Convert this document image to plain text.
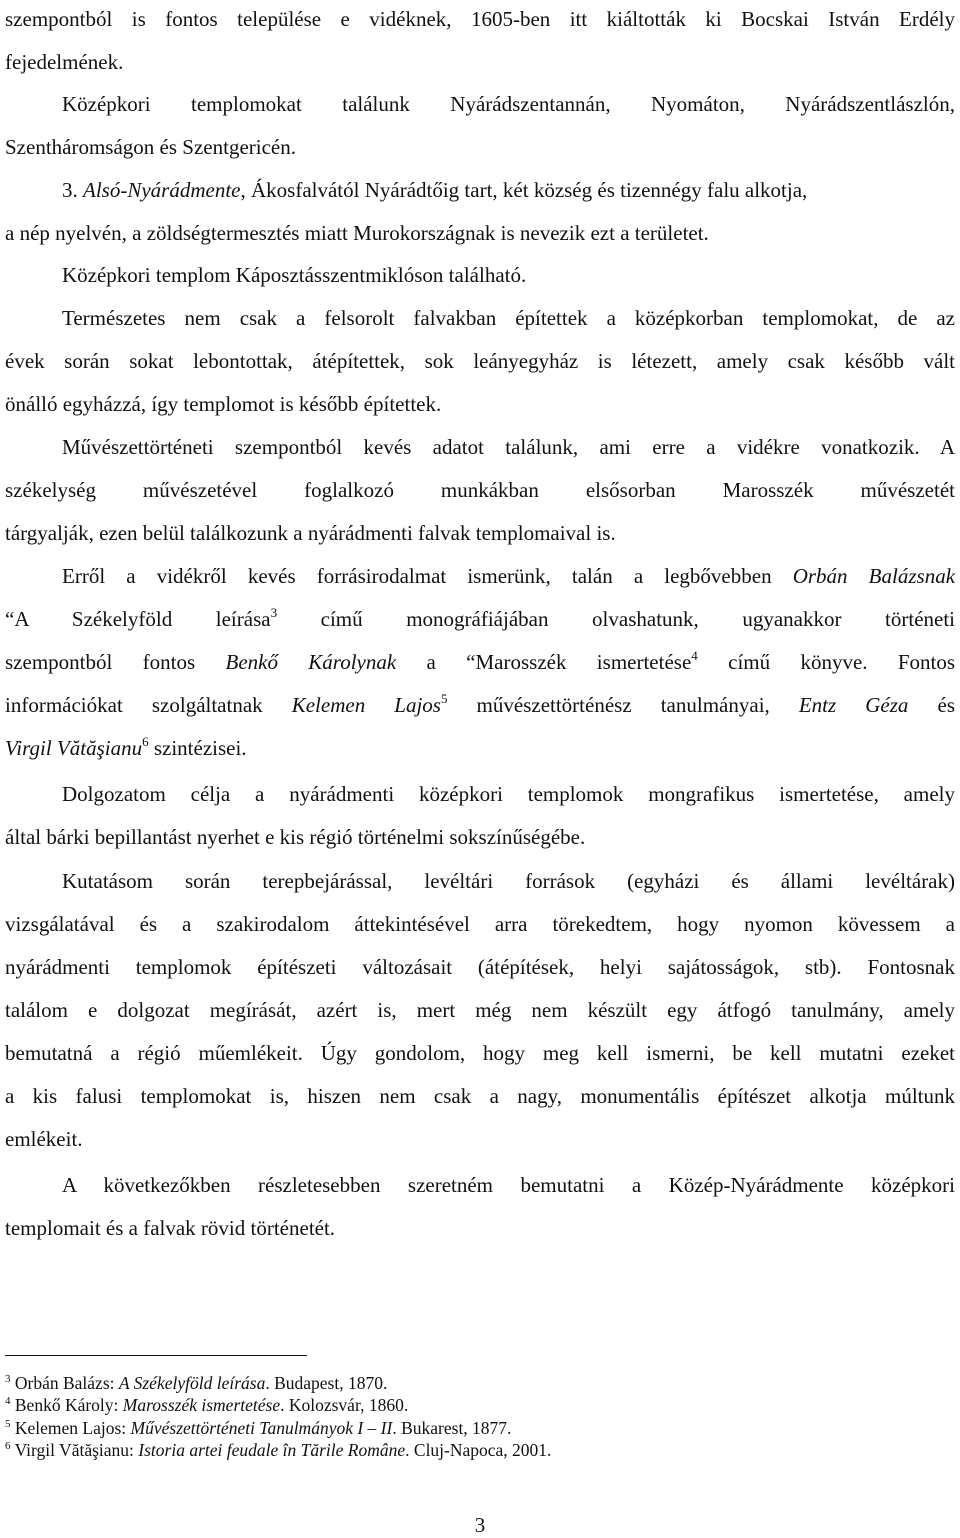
szempontból is fontos települése e vidéknek, 1605-ben itt kiáltották ki Bocskai István Erdély
fejedelmének.
Középkori templomokat találunk Nyárádszentannán, Nyomáton, Nyárádszentlászlón,
Szentháromságon és Szentgericén.
3. Alsó-Nyárádmente, Ákosfalvától Nyárádtőig tart, két község és tizennégy falu alkotja,
a nép nyelvén, a zöldségtermesztés miatt Murokországnak is nevezik ezt a területet.
Középkori templom Káposztásszentmiklóson található.
Természetes nem csak a felsorolt falvakban építettek a középkorban templomokat, de az
évek során sokat lebontottak, átépítettek, sok leányegyház is létezett, amely csak később vált
önálló egyházzá, így templomot is később építettek.
Művészettörténeti szempontból kevés adatot találunk, ami erre a vidékre vonatkozik. A
székelység művészetével foglalkozó munkákban elsősorban Marosszék művészetét
tárgyalják, ezen belül találkozunk a nyárádmenti falvak templomaival is.
Erről a vidékről kevés forrásirodalmat ismerünk, talán a legbővebben Orbán Balázsnak
“A Székelyföld leírása$^3$ című monográfiájában olvashatunk, ugyanakkor történeti
szempontból fontos Benkő Károlynak a “Marosszék ismertetése$^4$ című könyve. Fontos
információkat szolgáltatnak Kelemen Lajos$^5$ művészettörténész tanulmányai, Entz Géza és
Virgil Vătăşianu$^6$ szintézisei.
Dolgozatom célja a nyárádmenti középkori templomok mongrafikus ismertetése, amely
által bárki bepillantást nyerhet e kis régió történelmi sokszínűségébe.
Kutatásom során terepbejárással, levéltári források (egyházi és állami levéltárak)
vizsgálatával és a szakirodalom áttekintésével arra törekedtem, hogy nyomon kövessem a
nyárádmenti templomok építészeti változásait (átépítések, helyi sajátosságok, stb). Fontosnak
találom e dolgozat megírását, azért is, mert még nem készült egy átfogó tanulmány, amely
bemutatná a régió műemlékeit. Úgy gondolom, hogy meg kell ismerni, be kell mutatni ezeket
a kis falusi templomokat is, hiszen nem csak a nagy, monumentális építészet alkotja múltunk
emlékeit.
A következőkben részletesebben szeretném bemutatni a Közép-Nyárádmente középkori
templomait és a falvak rövid történetét.
$^3$ Orbán Balázs: A Székelyföld leírása. Budapest, 1870.
$^4$ Benkő Károly: Marosszék ismertetése. Kolozsvár, 1860.
$^5$ Kelemen Lajos: Művészettörténeti Tanulmányok I – II. Bukarest, 1877.
$^6$ Virgil Vătăşianu: Istoria artei feudale în Tările Române. Cluj-Napoca, 2001.
3
